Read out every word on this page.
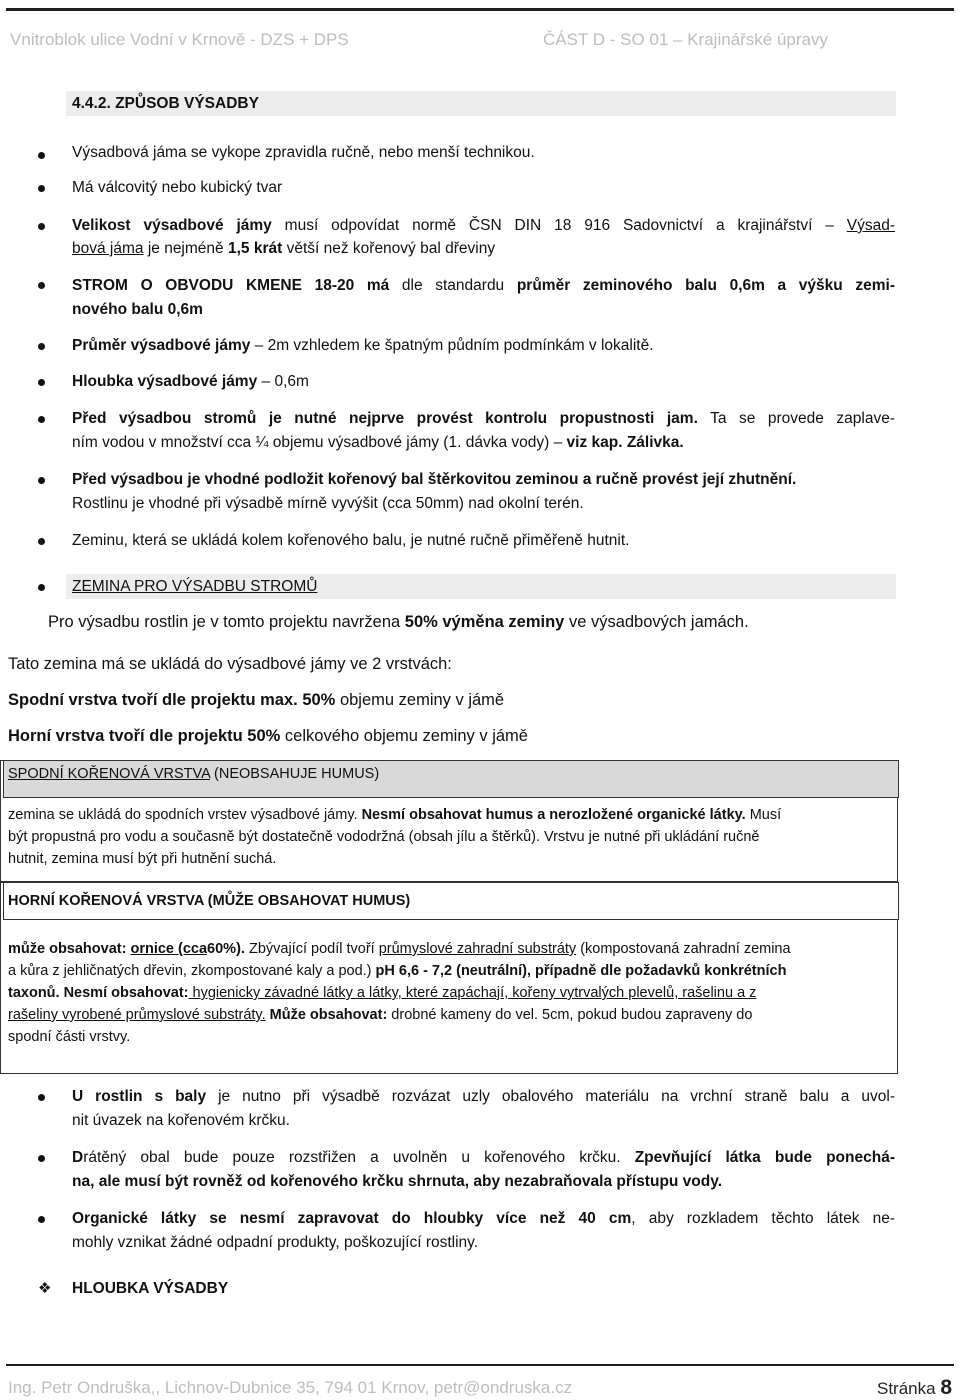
Vnitroblok ulice Vodní v Krnově - DZS + DPS	ČÁST D - SO 01 – Krajinářské úpravy
4.4.2. ZPŮSOB VÝSADBY
Výsadbová jáma se vykope zpravidla ručně, nebo menší technikou.
Má válcovitý nebo kubický tvar
Velikost výsadbové jámy musí odpovídat normě ČSN DIN 18 916 Sadovnictví a krajinářství – Výsad-
bová jáma je nejméně 1,5 krát větší než kořenový bal dřeviny
STROM O OBVODU KMENE 18-20 má dle standardu průměr zeminového balu 0,6m a výšku zemi-
nového balu 0,6m
Průměr výsadbové jámy – 2m vzhledem ke špatným půdním podmínkám v lokalitě.
Hloubka výsadbové jámy – 0,6m
Před výsadbou stromů je nutné nejprve provést kontrolu propustnosti jam. Ta se provede zaplave-
ním vodou v množství cca ¼ objemu výsadbové jámy (1. dávka vody) – viz kap. Zálivka.
Před výsadbou je vhodné podložit kořenový bal štěrkovitou zeminou a ručně provést její zhutnění.
Rostlinu je vhodné při výsadbě mírně vyvýšit (cca 50mm) nad okolní terén.
Zeminu, která se ukládá kolem kořenového balu, je nutné ručně přiměřeně hutnit.
ZEMINA PRO VÝSADBU STROMŮ
Pro výsadbu rostlin je v tomto projektu navržena 50% výměna zeminy ve výsadbových jamách.
Tato zemina má se ukládá do výsadbové jámy ve 2 vrstvách:
Spodní vrstva tvoří dle projektu max. 50% objemu zeminy v jámě
Horní vrstva tvoří dle projektu 50% celkového objemu zeminy v jámě
SPODNÍ KOŘENOVÁ VRSTVA (NEOBSAHUJE HUMUS)
zemina se ukládá do spodních vrstev výsadbové jámy. Nesmí obsahovat humus a nerozložené organické látky. Musí
být propustná pro vodu a současně být dostatečně vododržná (obsah jílu a štěrků). Vrstvu je nutné při ukládání ručně
hutnit, zemina musí být při hutnění suchá.
HORNÍ KOŘENOVÁ VRSTVA (MŮŽE OBSAHOVAT HUMUS)
může obsahovat: ornice (cca60%). Zbývající podíl tvoří průmyslové zahradní substráty (kompostovaná zahradní zemina
a kůra z jehličnatých dřevin, zkompostované kaly a pod.) pH 6,6 - 7,2 (neutrální), případně dle požadavků konkrétních
taxonů. Nesmí obsahovat: hygienicky závadné látky a látky, které zapáchají, kořeny vytrvalých plevelů, rašelinu a z
rašeliny vyrobené průmyslové substráty. Může obsahovat: drobné kameny do vel. 5cm, pokud budou zapraveny do
spodní části vrstvy.
U rostlin s baly je nutno při výsadbě rozvázat uzly obalového materiálu na vrchní straně balu a uvol-
nit úvazek na kořenovém krčku.
Drátěný obal bude pouze rozstřižen a uvolněn u kořenového krčku. Zpevňující látka bude ponechá-
na, ale musí být rovněž od kořenového krčku shrnuta, aby nezabraňovala přístupu vody.
Organické látky se nesmí zapravovat do hloubky více než 40 cm, aby rozkladem těchto látek ne-
mohly vznikat žádné odpadní produkty, poškozující rostliny.
❖ HLOUBKA VÝSADBY
Ing. Petr Ondruška,, Lichnov-Dubnice 35, 794 01 Krnov, petr@ondruska.cz	Stránka 8
